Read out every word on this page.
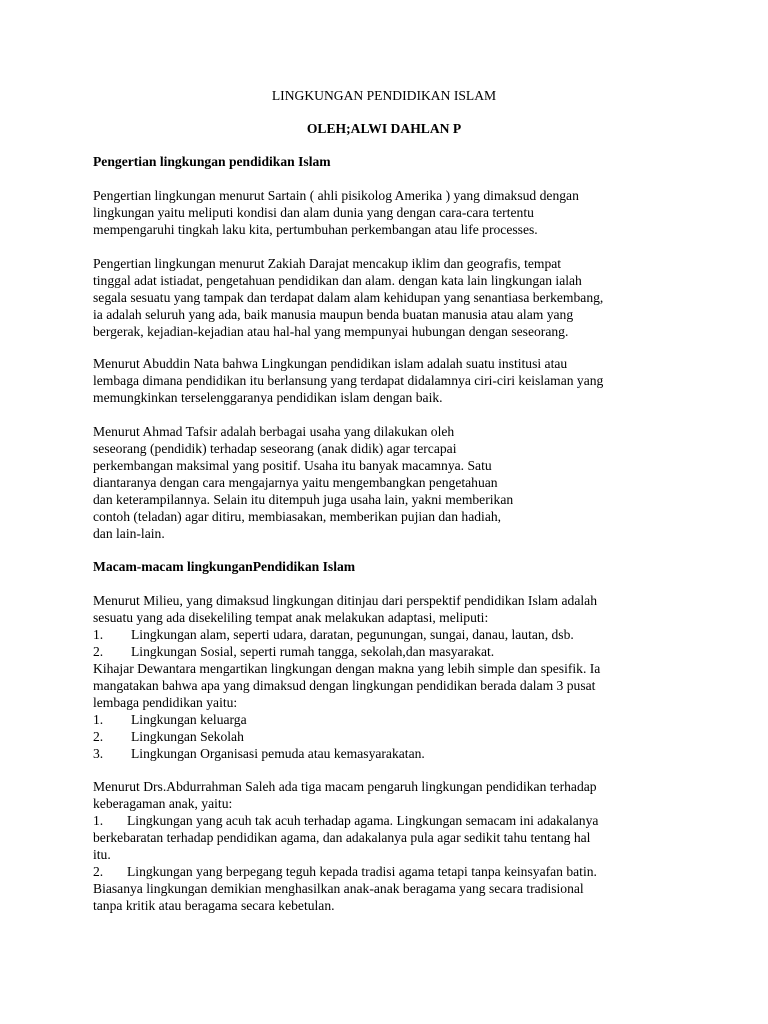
LINGKUNGAN PENDIDIKAN ISLAM

OLEH;ALWI DAHLAN P

Pengertian lingkungan pendidikan Islam

Pengertian lingkungan menurut Sartain ( ahli pisikolog Amerika ) yang dimaksud dengan

lingkungan yaitu meliputi kondisi dan alam dunia yang dengan cara-cara tertentu

mempengaruhi tingkah laku kita, pertumbuhan perkembangan atau life processes.

Pengertian lingkungan menurut Zakiah Darajat mencakup iklim dan geografis, tempat

tinggal adat istiadat, pengetahuan pendidikan dan alam. dengan kata lain lingkungan ialah

segala sesuatu yang tampak dan terdapat dalam alam kehidupan yang senantiasa berkembang,

ia adalah seluruh yang ada, baik manusia maupun benda buatan manusia atau alam yang

bergerak, kejadian-kejadian atau hal-hal yang mempunyai hubungan dengan seseorang.

Menurut Abuddin Nata bahwa Lingkungan pendidikan islam adalah suatu institusi atau

lembaga dimana pendidikan itu berlansung yang terdapat didalamnya ciri-ciri keislaman yang

memungkinkan terselenggaranya pendidikan islam dengan baik.

Menurut Ahmad Tafsir adalah berbagai usaha yang dilakukan oleh

seseorang (pendidik) terhadap seseorang (anak didik) agar tercapai

perkembangan maksimal yang positif. Usaha itu banyak macamnya. Satu

diantaranya dengan cara mengajarnya yaitu mengembangkan pengetahuan

dan keterampilannya. Selain itu ditempuh juga usaha lain, yakni memberikan

contoh (teladan) agar ditiru, membiasakan, memberikan pujian dan hadiah,

dan lain-lain.

Macam-macam lingkunganPendidikan Islam

Menurut Milieu, yang dimaksud lingkungan ditinjau dari perspektif pendidikan Islam adalah

sesuatu yang ada disekeliling tempat anak melakukan adaptasi, meliputi:

1. Lingkungan alam, seperti udara, daratan, pegunungan, sungai, danau, lautan, dsb.
2. Lingkungan Sosial, seperti rumah tangga, sekolah,dan masyarakat.

Kihajar Dewantara mengartikan lingkungan dengan makna yang lebih simple dan spesifik. Ia

mangatakan bahwa apa yang dimaksud dengan lingkungan pendidikan berada dalam 3 pusat

lembaga pendidikan yaitu:

1. Lingkungan keluarga
2. Lingkungan Sekolah
3. Lingkungan Organisasi pemuda atau kemasyarakatan.

Menurut Drs.Abdurrahman Saleh ada tiga macam pengaruh lingkungan pendidikan terhadap

keberagaman anak, yaitu:

1.       Lingkungan yang acuh tak acuh terhadap agama. Lingkungan semacam ini adakalanya

berkebaratan terhadap pendidikan agama, dan adakalanya pula agar sedikit tahu tentang hal

itu.

2.       Lingkungan yang berpegang teguh kepada tradisi agama tetapi tanpa keinsyafan batin.

Biasanya lingkungan demikian menghasilkan anak-anak beragama yang secara tradisional

tanpa kritik atau beragama secara kebetulan.
